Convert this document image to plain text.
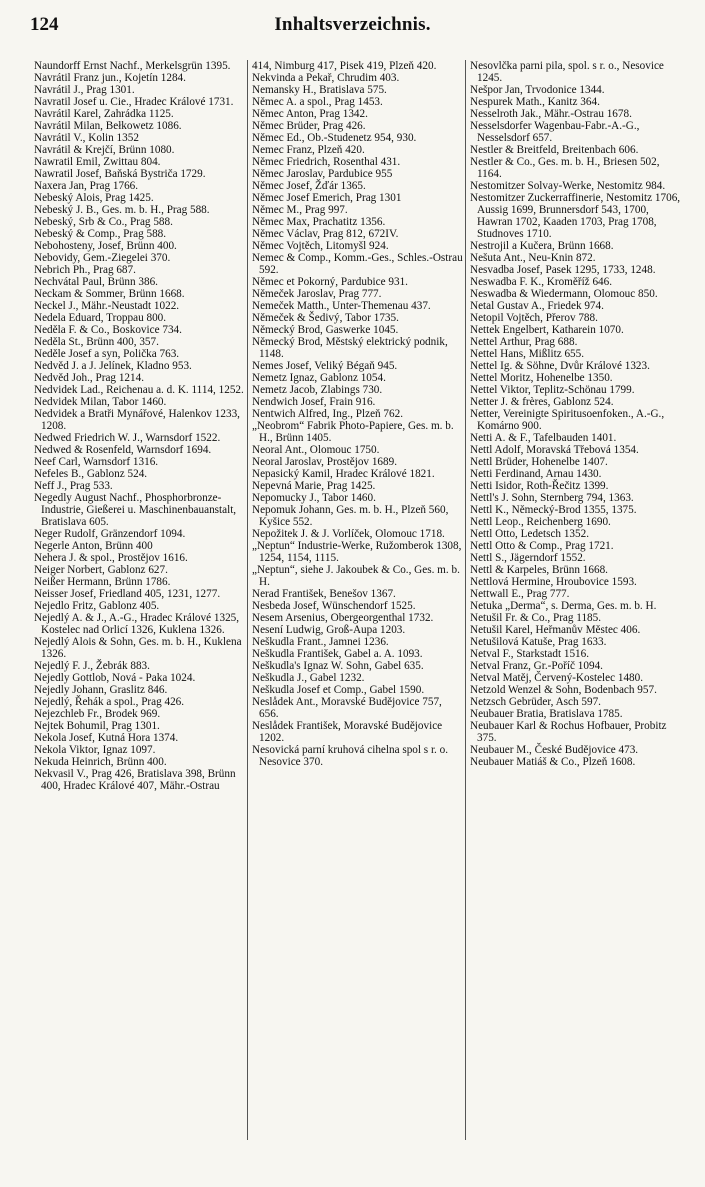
124	Inhaltsverzeichnis.
Naundorff Ernst Nachf., Merkelsgrün 1395.
Navrátil Franz jun., Kojetín 1284.
Navrátil J., Prag 1301.
Navratil Josef u. Cie., Hradec Králové 1731.
Navrátil Karel, Zahrádka 1125.
Navrátil Milan, Bełkowetz 1086.
Navrátil V., Kolin 1352
Navrátil & Krejčí, Brünn 1080.
Nawratil Emil, Zwittau 804.
Nawratil Josef, Baňská Bystriča 1729.
Naxera Jan, Prag 1766.
Nebeský Alois, Prag 1425.
Nebeský J. B., Ges. m. b. H., Prag 588.
Nebeský, Srb & Co., Prag 588.
Nebeský & Comp., Prag 588.
Nebohosteny, Josef, Brünn 400.
Nebovidy, Gem.-Ziegelei 370.
Nebrich Ph., Prag 687.
Nechvátal Paul, Brünn 386.
Neckam & Sommer, Brünn 1668.
Neckel J., Mähr.-Neustadt 1022.
Nedela Eduard, Troppau 800.
Neděla F. & Co., Boskovice 734.
Neděla St., Brünn 400, 357.
Neděle Josef a syn, Polička 763.
Nedvěd J. a J. Jelínek, Kladno 953.
Nedvěd Joh., Prag 1214.
Nedvidek Lad., Reichenau a. d. K. 1114, 1252.
Nedvidek Milan, Tabor 1460.
Nedvidek a Bratři Mynářové, Halenkov 1233, 1208.
Nedwed Friedrich W. J., Warnsdorf 1522.
Nedwed & Rosenfeld, Warnsdorf 1694.
Neef Carl, Warnsdorf 1316.
Nefeles B., Gablonz 524.
Neff J., Prag 533.
Negedly August Nachf., Phosphorbronze-Industrie, Gießerei u. Maschinenbauanstalt, Bratislava 605.
Neger Rudolf, Gränzendorf 1094.
Negerle Anton, Brünn 400
Nehera J. & spol., Prostějov 1616.
Neiger Norbert, Gablonz 627.
Neißer Hermann, Brünn 1786.
Neisser Josef, Friedland 405, 1231, 1277.
Nejedlo Fritz, Gablonz 405.
Nejedlý A. & J., A.-G., Hradec Králové 1325, Kostelec nad Orlicí 1326, Kuklena 1326.
Nejedlý Alois & Sohn, Ges. m. b. H., Kuklena 1326.
Nejedlý F. J., Žebrák 883.
Nejedly Gottlob, Nová - Paka 1024.
Nejedly Johann, Graslitz 846.
Nejedlý, Řehák a spol., Prag 426.
Nejezchleb Fr., Brodek 969.
Nejtek Bohumil, Prag 1301.
Nekola Josef, Kutná Hora 1374.
Nekola Viktor, Ignaz 1097.
Nekuda Heinrich, Brünn 400.
Nekvasil V., Prag 426, Bratislava 398, Brünn 400, Hradec Králové 407, Mähr.-Ostrau
414, Nimburg 417, Pisek 419, Plzeň 420.
Nekvinda a Pekař, Chrudim 403.
Nemansky H., Bratislava 575.
Němec A. a spol., Prag 1453.
Němec Anton, Prag 1342.
Němec Brüder, Prag 426.
Němec Ed., Ob.-Studenetz 954, 930.
Nemec Franz, Plzeň 420.
Němec Friedrich, Rosenthal 431.
Němec Jaroslav, Pardubice 955
Němec Josef, Žďár 1365.
Němec Josef Emerich, Prag 1301
Němec M., Prag 997.
Němec Max, Prachatitz 1356.
Němec Václav, Prag 812, 672IV.
Němec Vojtěch, Litomyšl 924.
Nemec & Comp., Komm.-Ges., Schles.-Ostrau 592.
Němec et Pokorný, Pardubice 931.
Němeček Jaroslav, Prag 777.
Nemeček Matth., Unter-Themenau 437.
Němeček & Šedivý, Tabor 1735.
Německý Brod, Gaswerke 1045.
Německý Brod, Městský elektrický podnik, 1148.
Nemes Josef, Veliký Bégaň 945.
Nemetz Ignaz, Gablonz 1054.
Nemetz Jacob, Zlabings 730.
Nendwich Josef, Frain 916.
Nentwich Alfred, Ing., Plzeň 762.
„Neobrom“ Fabrik Photo-Papiere, Ges. m. b. H., Brünn 1405.
Neoral Ant., Olomouc 1750.
Neoral Jaroslav, Prostějov 1689.
Nepasický Kamil, Hradec Králové 1821.
Nepevná Marie, Prag 1425.
Nepomucky J., Tabor 1460.
Nepomuk Johann, Ges. m. b. H., Plzeň 560, Kyšice 552.
Nepožitek J. & J. Vorlíček, Olomouc 1718.
„Neptun“ Industrie-Werke, Ružomberok 1308, 1254, 1154, 1115.
„Neptun“, siehe J. Jakoubek & Co., Ges. m. b. H.
Nerad František, Benešov 1367.
Nesbeda Josef, Wünschendorf 1525.
Nesem Arsenius, Obergeorgenthal 1732.
Nesení Ludwig, Groß-Aupa 1203.
Neškudla Frant., Jamnei 1236.
Neškudla František, Gabel a. A. 1093.
Neškudla's Ignaz W. Sohn, Gabel 635.
Neškudla J., Gabel 1232.
Neškudla Josef et Comp., Gabel 1590.
Neslådek Ant., Moravské Budějovice 757, 656.
Neslådek František, Moravské Budějovice 1202.
Nesovická parní kruhová cihelna spol s r. o. Nesovice 370.
Nesovlčka parni pila, spol. s r. o., Nesovice 1245.
Nešpor Jan, Trvodonice 1344.
Nespurek Math., Kanitz 364.
Nesselroth Jak., Mähr.-Ostrau 1678.
Nesselsdorfer Wagenbau-Fabr.-A.-G., Nesselsdorf 657.
Nestler & Breitfeld, Breitenbach 606.
Nestler & Co., Ges. m. b. H., Briesen 502, 1164.
Nestomitzer Solvay-Werke, Nestomitz 984.
Nestomitzer Zuckerraffinerie, Nestomitz 1706, Aussig 1699, Brunnersdorf 543, 1700, Hawran 1702, Kaaden 1703, Prag 1708, Studnoves 1710.
Nestrojil a Kučera, Brünn 1668.
Nešuta Ant., Neu-Knin 872.
Nesvadba Josef, Pasek 1295, 1733, 1248.
Neswadba F. K., Kroměříž 646.
Neswadba & Wiedermann, Olomouc 850.
Netal Gustav A., Friedek 974.
Netopil Vojtěch, Přerov 788.
Nettek Engelbert, Katharein 1070.
Nettel Arthur, Prag 688.
Nettel Hans, Mißlitz 655.
Nettel Ig. & Söhne, Dvůr Králové 1323.
Nettel Moritz, Hohenelbe 1350.
Nettel Viktor, Teplitz-Schönau 1799.
Netter J. & frères, Gablonz 524.
Netter, Vereinigte Spiritusoenfoken., A.-G., Komárno 900.
Netti A. & F., Tafelbauden 1401.
Nettl Adolf, Moravská Třebová 1354.
Nettl Brüder, Hohenelbe 1407.
Netti Ferdinand, Arnau 1430.
Netti Isidor, Roth-Řečitz 1399.
Nettl's J. Sohn, Sternberg 794, 1363.
Nettl K., Německý-Brod 1355, 1375.
Nettl Leop., Reichenberg 1690.
Nettl Otto, Ledetsch 1352.
Nettl Otto & Comp., Prag 1721.
Nettl S., Jägerndorf 1552.
Nettl & Karpeles, Brünn 1668.
Nettlová Hermine, Hroubovice 1593.
Nettwall E., Prag 777.
Netuka „Derma“, s. Derma, Ges. m. b. H.
Netušil Fr. & Co., Prag 1185.
Netušil Karel, Heřmanův Městec 406.
Netušilová Katuše, Prag 1633.
Netval F., Starkstadt 1516.
Netval Franz, Gr.-Poříč 1094.
Netval Matěj, Červený-Kostelec 1480.
Netzold Wenzel & Sohn, Bodenbach 957.
Netzsch Gebrüder, Asch 597.
Neubauer Bratia, Bratislava 1785.
Neubauer Karl & Rochus Hofbauer, Probitz 375.
Neubauer M., České Budějovice 473.
Neubauer Matiáš & Co., Plzeň 1608.
